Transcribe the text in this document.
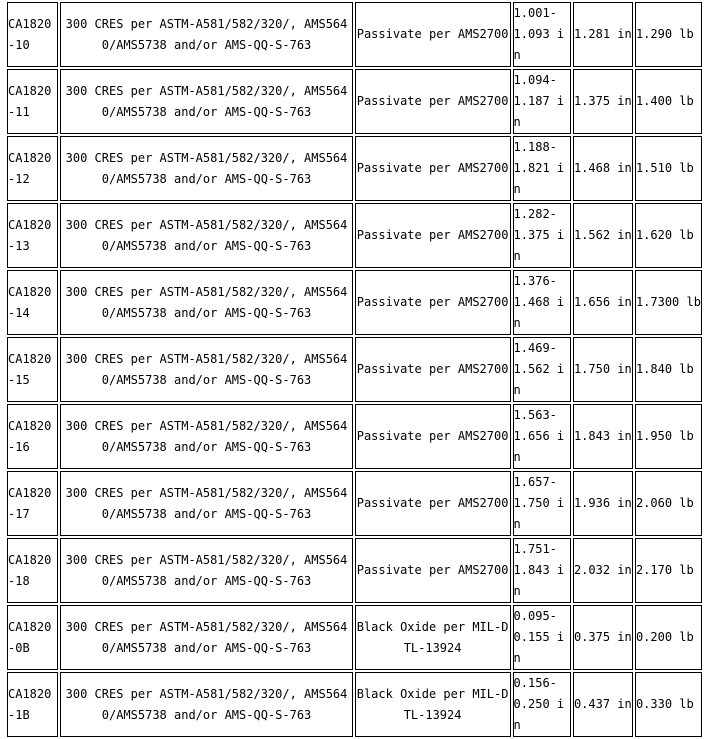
CA1820-10	300 CRES per ASTM-A581/582/320/, AMS5640/AMS5738 and/or AMS-QQ-S-763	Passivate per AMS2700	1.001-1.093 in	1.281 in	1.290 lb
CA1820-11	300 CRES per ASTM-A581/582/320/, AMS5640/AMS5738 and/or AMS-QQ-S-763	Passivate per AMS2700	1.094-1.187 in	1.375 in	1.400 lb
CA1820-12	300 CRES per ASTM-A581/582/320/, AMS5640/AMS5738 and/or AMS-QQ-S-763	Passivate per AMS2700	1.188-1.821 in	1.468 in	1.510 lb
CA1820-13	300 CRES per ASTM-A581/582/320/, AMS5640/AMS5738 and/or AMS-QQ-S-763	Passivate per AMS2700	1.282-1.375 in	1.562 in	1.620 lb
CA1820-14	300 CRES per ASTM-A581/582/320/, AMS5640/AMS5738 and/or AMS-QQ-S-763	Passivate per AMS2700	1.376-1.468 in	1.656 in	1.7300 lb
CA1820-15	300 CRES per ASTM-A581/582/320/, AMS5640/AMS5738 and/or AMS-QQ-S-763	Passivate per AMS2700	1.469-1.562 in	1.750 in	1.840 lb
CA1820-16	300 CRES per ASTM-A581/582/320/, AMS5640/AMS5738 and/or AMS-QQ-S-763	Passivate per AMS2700	1.563-1.656 in	1.843 in	1.950 lb
CA1820-17	300 CRES per ASTM-A581/582/320/, AMS5640/AMS5738 and/or AMS-QQ-S-763	Passivate per AMS2700	1.657-1.750 in	1.936 in	2.060 lb
CA1820-18	300 CRES per ASTM-A581/582/320/, AMS5640/AMS5738 and/or AMS-QQ-S-763	Passivate per AMS2700	1.751-1.843 in	2.032 in	2.170 lb
CA1820-0B	300 CRES per ASTM-A581/582/320/, AMS5640/AMS5738 and/or AMS-QQ-S-763	Black Oxide per MIL-DTL-13924	0.095-0.155 in	0.375 in	0.200 lb
CA1820-1B	300 CRES per ASTM-A581/582/320/, AMS5640/AMS5738 and/or AMS-QQ-S-763	Black Oxide per MIL-DTL-13924	0.156-0.250 in	0.437 in	0.330 lb
